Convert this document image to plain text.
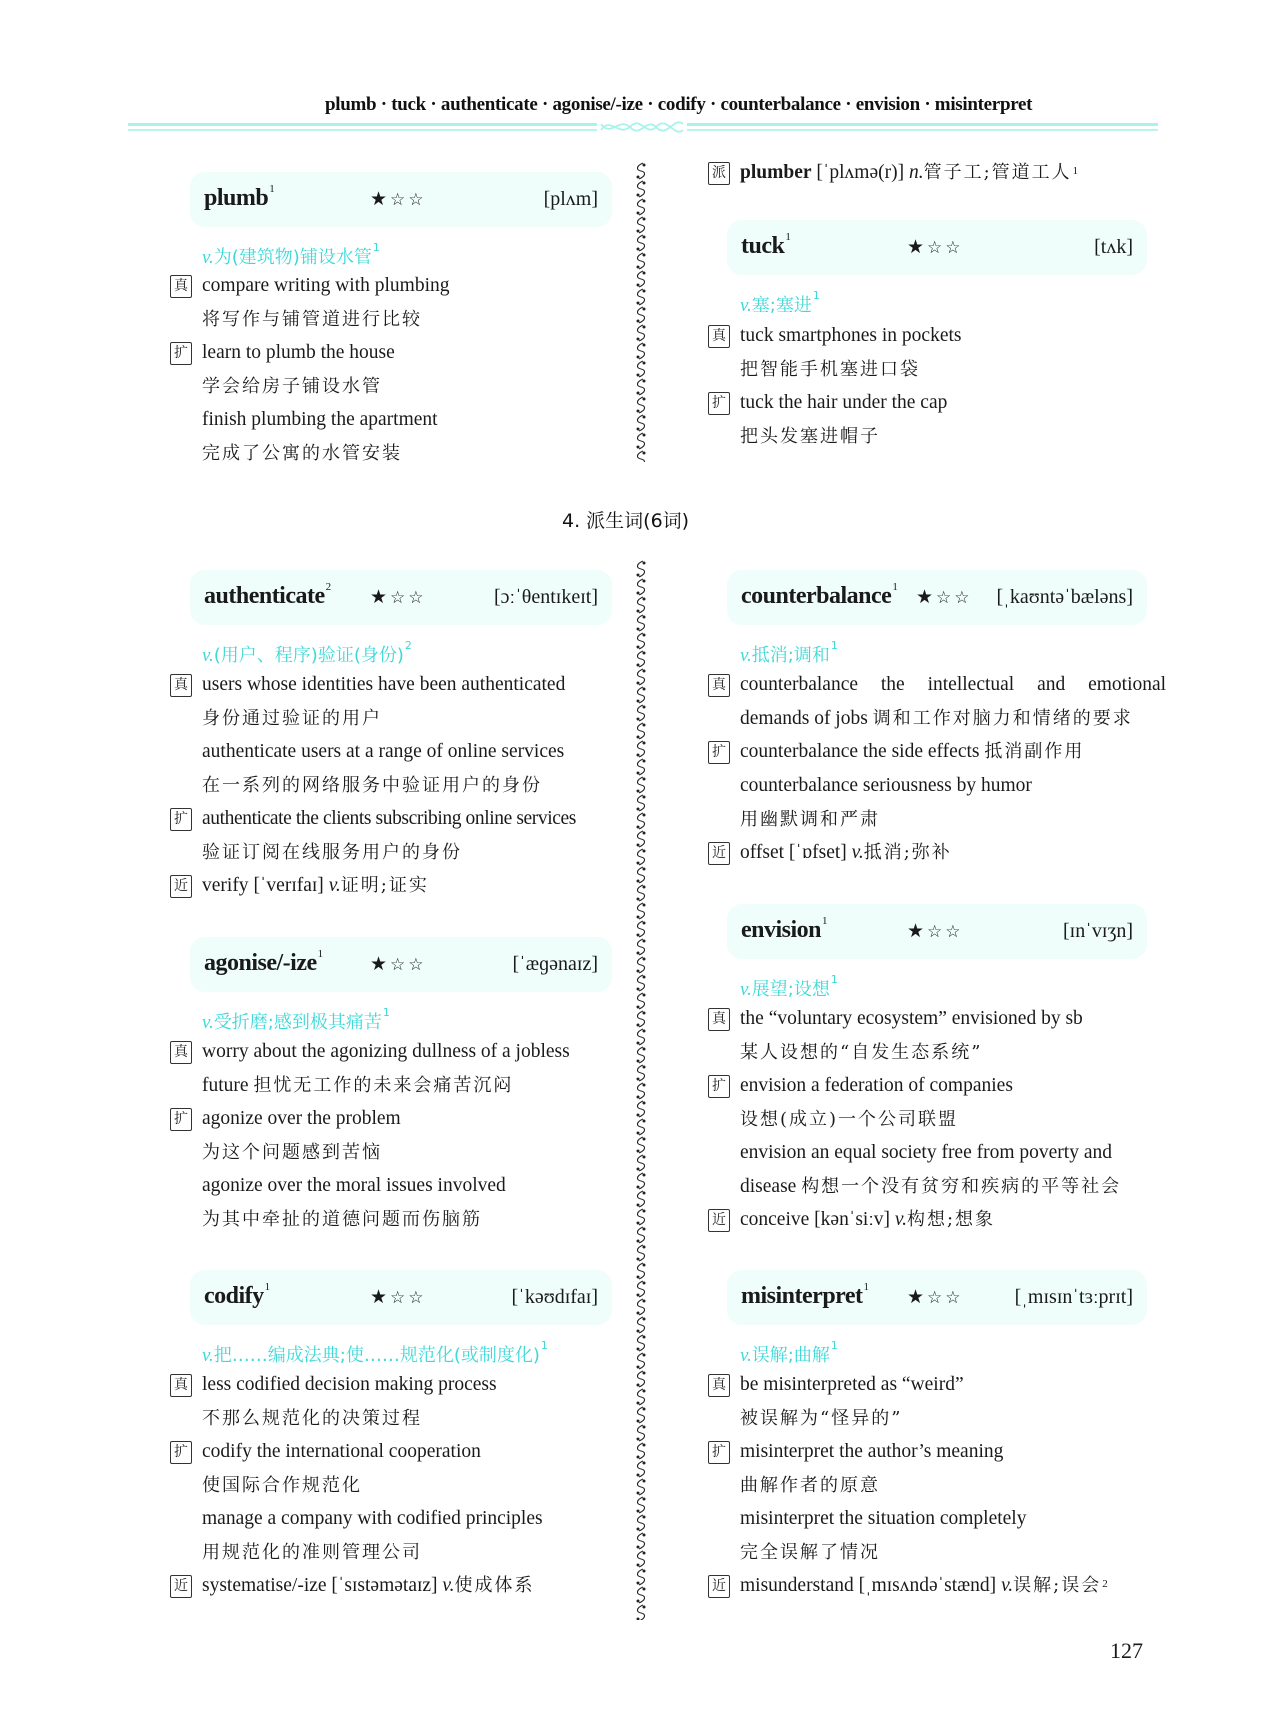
plumb · tuck · authenticate · agonise/-ize · codify · counterbalance · envision · misinterpret
plumb$^1$	★☆☆	[plʌm]
v.为(建筑物)铺设水管$^1$
真 compare writing with plumbing
将写作与铺管道进行比较
扩 learn to plumb the house
学会给房子铺设水管
finish plumbing the apartment
完成了公寓的水管安装
4. 派生词(6词)
authenticate$^2$ ★☆☆	[ɔːˈθentɪkeɪt]
v.(用户、程序)验证(身份)$^2$
真 users whose identities have been authenticated
身份通过验证的用户
authenticate users at a range of online services
在一系列的网络服务中验证用户的身份
扩 authenticate the clients subscribing online services
验证订阅在线服务用户的身份
近 verify [ˈverɪfaɪ] v.证明;证实
agonise/-ize$^1$ ★☆☆	[ˈæɡənaɪz]
v.受折磨;感到极其痛苦$^1$
真 worry about the agonizing dullness of a jobless
future 担忧无工作的未来会痛苦沉闷
扩 agonize over the problem
为这个问题感到苦恼
agonize over the moral issues involved
为其中牵扯的道德问题而伤脑筋
codify$^1$	★☆☆	[ˈkəʊdɪfaɪ]
v.把……编成法典;使……规范化(或制度化)$^1$
真 less codified decision making process
不那么规范化的决策过程
扩 codify the international cooperation
使国际合作规范化
manage a company with codified principles
用规范化的准则管理公司
近 systematise/-ize [ˈsɪstəmətaɪz] v.使成体系
派 plumber [ˈplʌmə(r)] n.管子工;管道工人$^1$
tuck$^1$	★☆☆	[tʌk]
v.塞;塞进$^1$
真 tuck smartphones in pockets
把智能手机塞进口袋
扩 tuck the hair under the cap
把头发塞进帽子
counterbalance$^1$ ★☆☆ [ˌkaʊntəˈbæləns]
v.抵消;调和$^1$
真 counterbalance the intellectual and emotional
demands of jobs 调和工作对脑力和情绪的要求
扩 counterbalance the side effects 抵消副作用
counterbalance seriousness by humor
用幽默调和严肃
近 offset [ˈɒfset] v.抵消;弥补
envision$^1$	★☆☆	[ɪnˈvɪʒn]
v.展望;设想$^1$
真 the “voluntary ecosystem” envisioned by sb
某人设想的“自发生态系统”
扩 envision a federation of companies
设想(成立)一个公司联盟
envision an equal society free from poverty and
disease 构想一个没有贫穷和疾病的平等社会
近 conceive [kənˈsiːv] v.构想;想象
misinterpret$^1$ ★☆☆	[ˌmɪsɪnˈtɜːprɪt]
v.误解;曲解$^1$
真 be misinterpreted as “weird”
被误解为“怪异的”
扩 misinterpret the author’s meaning
曲解作者的原意
misinterpret the situation completely
完全误解了情况
近 misunderstand [ˌmɪsʌndəˈstænd] v.误解;误会$^2$
127
